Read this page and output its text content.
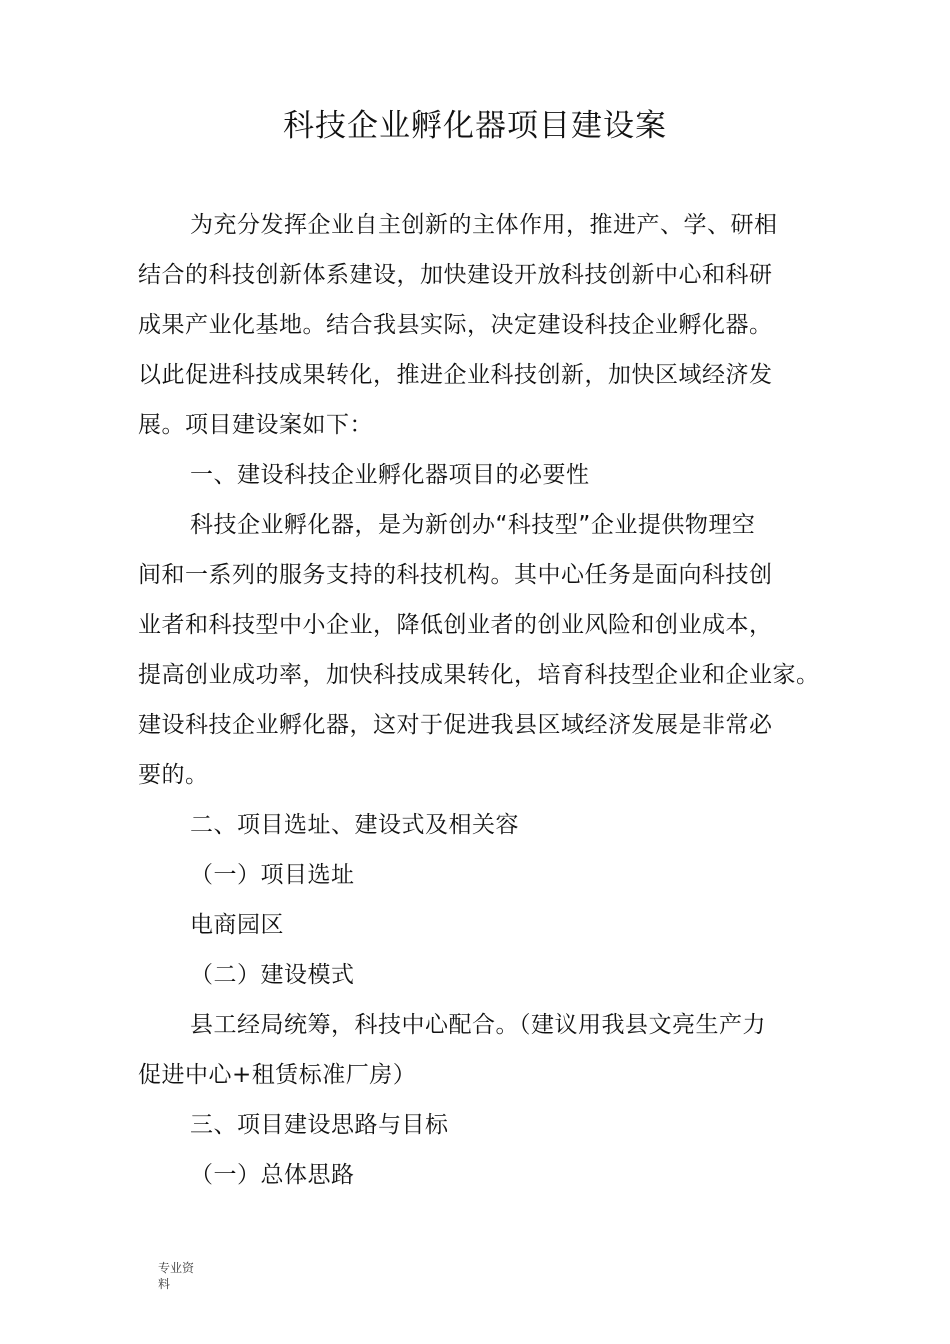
科技企业孵化器项目建设案
为充分发挥企业自主创新的主体作用，推进产、学、研相
结合的科技创新体系建设，加快建设开放科技创新中心和科研
成果产业化基地。结合我县实际，决定建设科技企业孵化器。
以此促进科技成果转化，推进企业科技创新，加快区域经济发
展。项目建设案如下：
一、建设科技企业孵化器项目的必要性
科技企业孵化器，是为新创办“科技型”企业提供物理空
间和一系列的服务支持的科技机构。其中心任务是面向科技创
业者和科技型中小企业，降低创业者的创业风险和创业成本，
提高创业成功率，加快科技成果转化，培育科技型企业和企业家。
建设科技企业孵化器，这对于促进我县区域经济发展是非常必
要的。
二、项目选址、建设式及相关容
（一）项目选址
电商园区
（二）建设模式
县工经局统筹，科技中心配合。（建议用我县文亮生产力
促进中心+租赁标准厂房）
三、项目建设思路与目标
（一）总体思路
专业资
料
